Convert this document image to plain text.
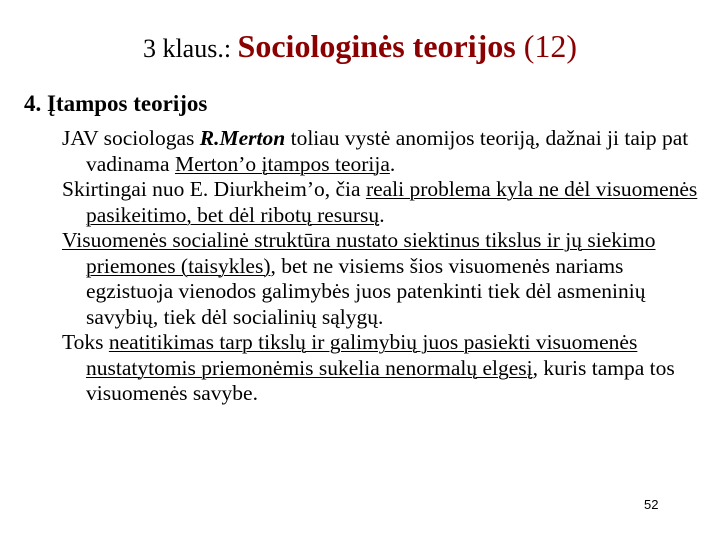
3 klaus.: Sociologinės teorijos (12)
4. Įtampos teorijos

JAV sociologas R.Merton toliau vystė anomijos teoriją, dažnai ji taip pat vadinama Merton’o įtampos teorija.

Skirtingai nuo E. Diurkheim’o, čia reali problema kyla ne dėl visuomenės pasikeitimo, bet dėl ribotų resursų.

Visuomenės socialinė struktūra nustato siektinus tikslus ir jų siekimo priemones (taisykles), bet ne visiems šios visuomenės nariams egzistuoja vienodos galimybės juos patenkinti tiek dėl asmeninių savybių, tiek dėl socialinių sąlygų.

Toks neatitikimas tarp tikslų ir galimybių juos pasiekti visuomenės nustatytomis priemonėmis sukelia nenormalų elgesį, kuris tampa tos visuomenės savybe.

52
